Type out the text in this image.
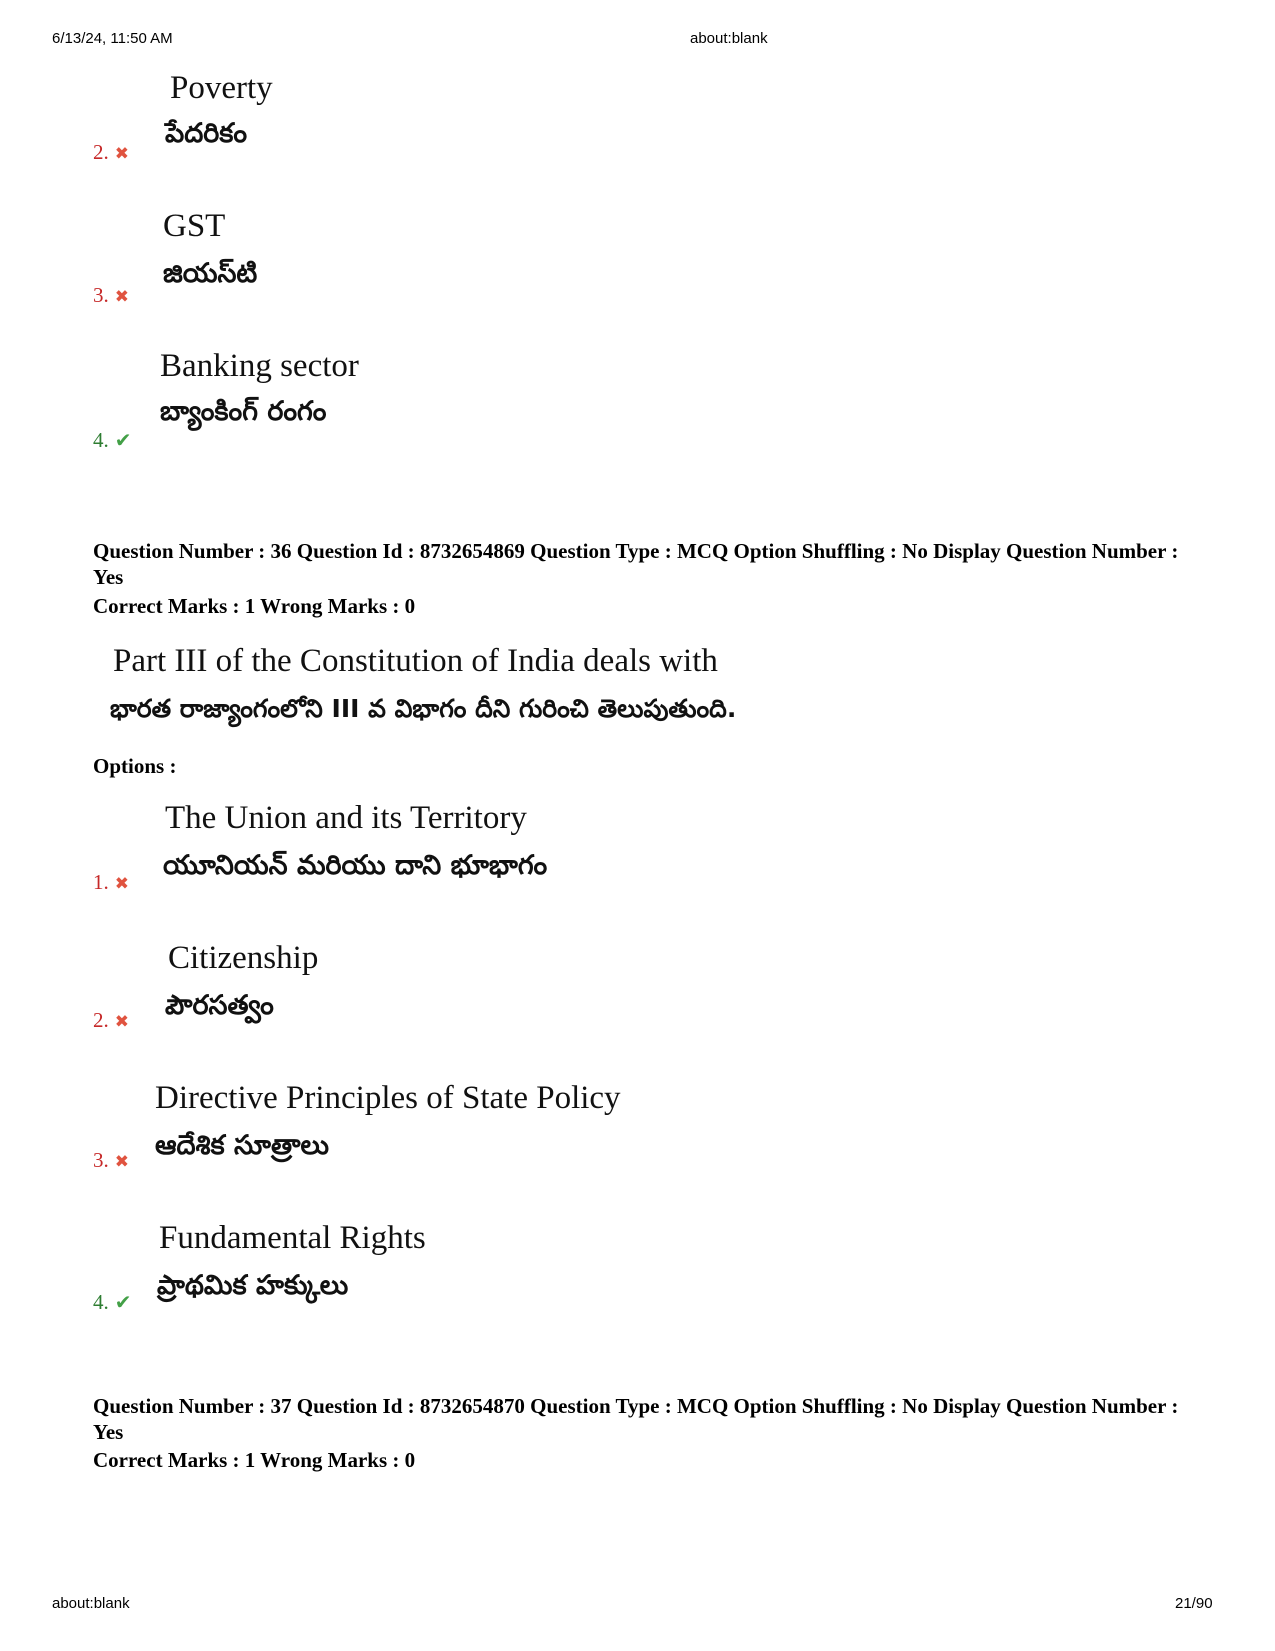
6/13/24, 11:50 AM	about:blank
about:blank	21/90
2. ✖
Poverty
పేదరికం
3. ✖
GST
జియస్‌టి
4. ✔
Banking sector
బ్యాంకింగ్ రంగం
Question Number : 36 Question Id : 8732654869 Question Type : MCQ Option Shuffling : No Display Question Number : Yes
Correct Marks : 1 Wrong Marks : 0
Part III of the Constitution of India deals with
భారత రాజ్యాంగంలోని III వ విభాగం దీని గురించి తెలుపుతుంది.
Options :
1. ✖
The Union and its Territory
యూనియన్ మరియు దాని భూభాగం
2. ✖
Citizenship
పౌరసత్వం
3. ✖
Directive Principles of State Policy
ఆదేశిక సూత్రాలు
4. ✔
Fundamental Rights
ప్రాథమిక హక్కులు
Question Number : 37 Question Id : 8732654870 Question Type : MCQ Option Shuffling : No Display Question Number : Yes
Correct Marks : 1 Wrong Marks : 0
